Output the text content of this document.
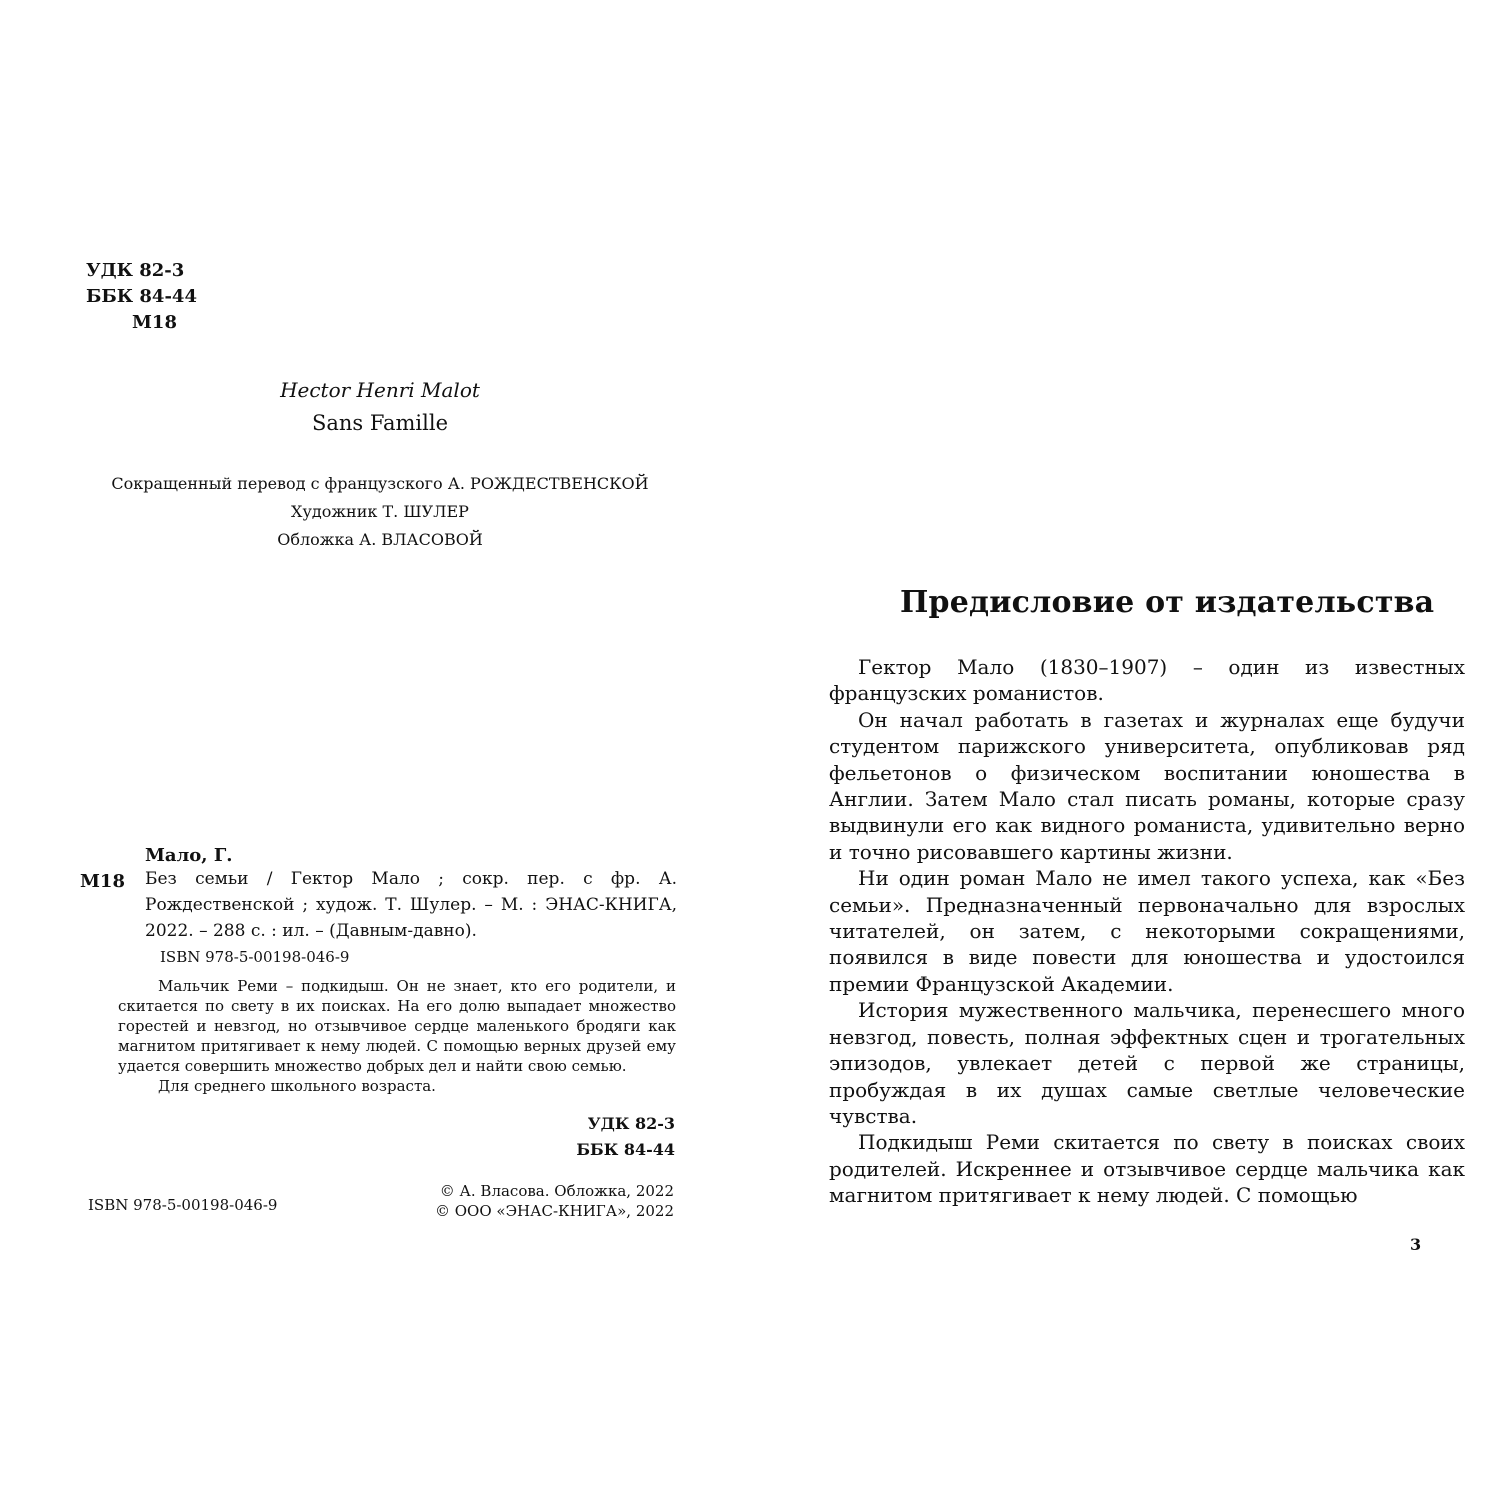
УДК 82-3
ББК 84-44
М18
Hector Henri Malot
Sans Famille
Сокращенный перевод с французского А. РОЖДЕСТВЕНСКОЙ
Художник Т. ШУЛЕР
Обложка А. ВЛАСОВОЙ
Мало, Г.
М18 Без семьи / Гектор Мало ; сокр. пер. с фр. А. Рождественской ; худож. Т. Шулер. – М. : ЭНАС-КНИГА, 2022. – 288 с. : ил. – (Давным-давно).
ISBN 978-5-00198-046-9

Мальчик Реми – подкидыш. Он не знает, кто его родители, и скитается по свету в их поисках. На его долю выпадает множество горестей и невзгод, но отзывчивое сердце маленького бродяги как магнитом притягивает к нему людей. С помощью верных друзей ему удается совершить множество добрых дел и найти свою семью.

Для среднего школьного возраста.

УДК 82-3
ББК 84-44
ISBN 978-5-00198-046-9
© А. Власова. Обложка, 2022
© ООО «ЭНАС-КНИГА», 2022
Предисловие от издательства

Гектор Мало (1830–1907) – один из известных французских романистов.

Он начал работать в газетах и журналах еще будучи студентом парижского университета, опубликовав ряд фельетонов о физическом воспитании юношества в Англии. Затем Мало стал писать романы, которые сразу выдвинули его как видного романиста, удивительно верно и точно рисовавшего картины жизни.

Ни один роман Мало не имел такого успеха, как «Без семьи». Предназначенный первоначально для взрослых читателей, он затем, с некоторыми сокращениями, появился в виде повести для юношества и удостоился премии Французской Академии.

История мужественного мальчика, перенесшего много невзгод, повесть, полная эффектных сцен и трогательных эпизодов, увлекает детей с первой же страницы, пробуждая в их душах самые светлые человеческие чувства.

Подкидыш Реми скитается по свету в поисках своих родителей. Искреннее и отзывчивое сердце мальчика как магнитом притягивает к нему людей. С помощью

3
